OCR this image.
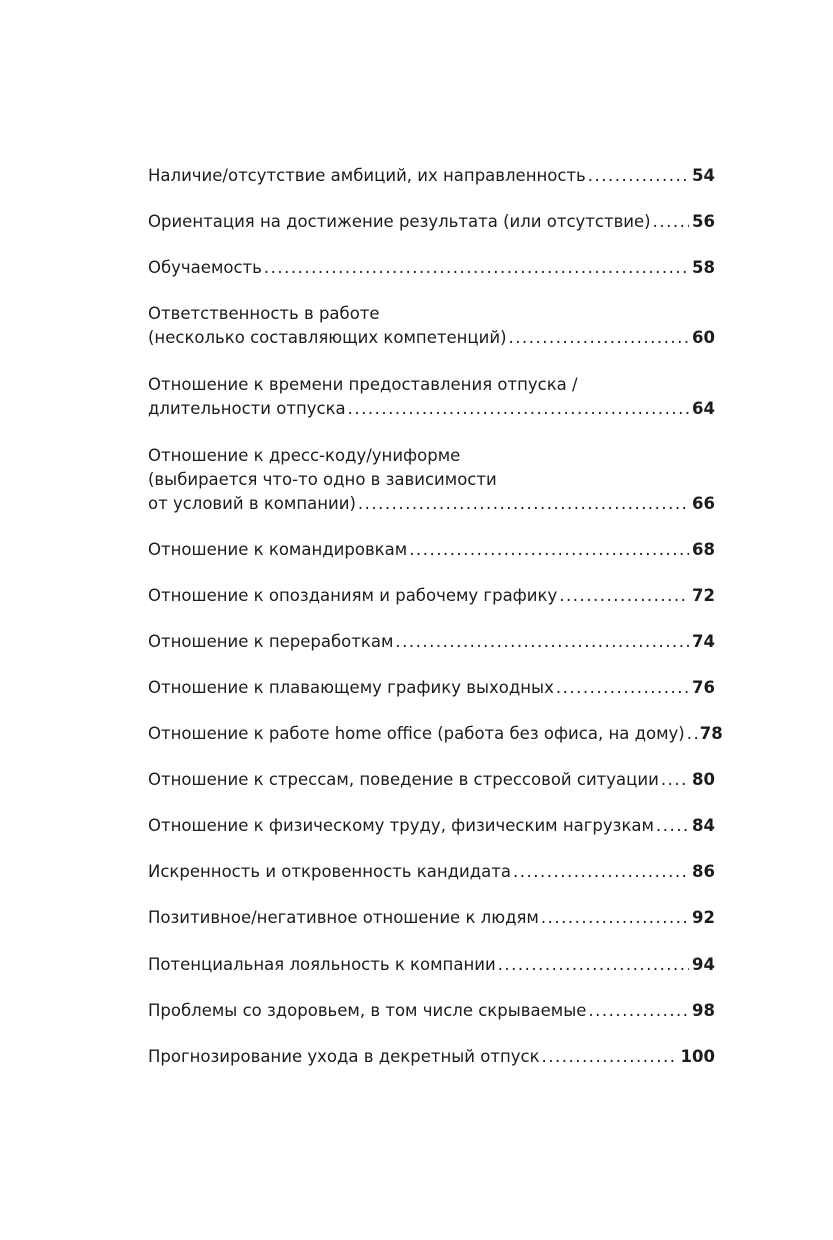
Наличие/отсутствие амбиций, их направленность .....	54
Ориентация на достижение результата (или отсутствие) .....	56
Обучаемость .....	58
Ответственность в работе
(несколько составляющих компетенций) .....	60
Отношение к времени предоставления отпуска /
длительности отпуска .....	64
Отношение к дресс-коду/униформе
(выбирается что-то одно в зависимости
от условий в компании) .....	66
Отношение к командировкам .....	68
Отношение к опозданиям и рабочему графику .....	72
Отношение к переработкам .....	74
Отношение к плавающему графику выходных .....	76
Отношение к работе home office (работа без офиса, на дому) ..... 78
Отношение к стрессам, поведение в стрессовой ситуации ..... 80
Отношение к физическому труду, физическим нагрузкам ..... 84
Искренность и откровенность кандидата .....	86
Позитивное/негативное отношение к людям .....	92
Потенциальная лояльность к компании .....	94
Проблемы со здоровьем, в том числе скрываемые .....	98
Прогнозирование ухода в декретный отпуск .....	100
